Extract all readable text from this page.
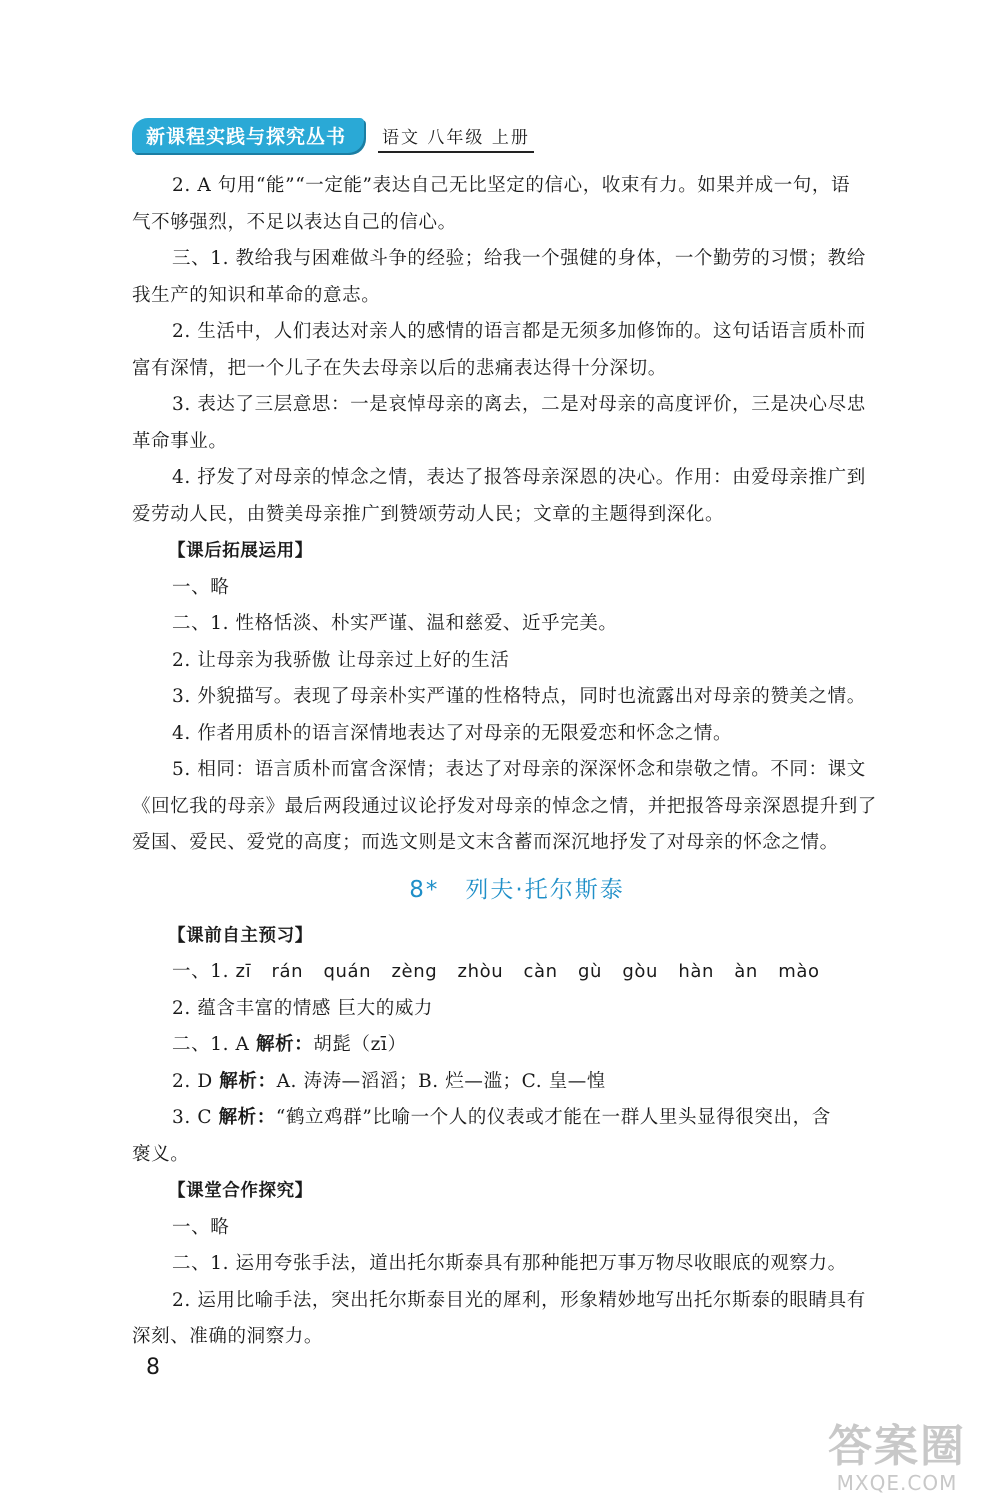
新课程实践与探究丛书	语文 八年级 上册
2. A 句用“能”“一定能”表达自己无比坚定的信心，收束有力。如果并成一句，语
气不够强烈，不足以表达自己的信心。
三、1. 教给我与困难做斗争的经验；给我一个强健的身体，一个勤劳的习惯；教给
我生产的知识和革命的意志。
2. 生活中，人们表达对亲人的感情的语言都是无须多加修饰的。这句话语言质朴而
富有深情，把一个儿子在失去母亲以后的悲痛表达得十分深切。
3. 表达了三层意思：一是哀悼母亲的离去，二是对母亲的高度评价，三是决心尽忠
革命事业。
4. 抒发了对母亲的悼念之情，表达了报答母亲深恩的决心。作用：由爱母亲推广到
爱劳动人民，由赞美母亲推广到赞颂劳动人民；文章的主题得到深化。
【课后拓展运用】
一、略
二、1. 性格恬淡、朴实严谨、温和慈爱、近乎完美。
2. 让母亲为我骄傲 让母亲过上好的生活
3. 外貌描写。表现了母亲朴实严谨的性格特点，同时也流露出对母亲的赞美之情。
4. 作者用质朴的语言深情地表达了对母亲的无限爱恋和怀念之情。
5. 相同：语言质朴而富含深情；表达了对母亲的深深怀念和崇敬之情。不同：课文
《回忆我的母亲》最后两段通过议论抒发对母亲的悼念之情，并把报答母亲深恩提升到了
爱国、爱民、爱党的高度；而选文则是文末含蓄而深沉地抒发了对母亲的怀念之情。
8* 列夫·托尔斯泰
【课前自主预习】
一、1. zī rán quán zèng zhòu càn gù gòu hàn àn mào
2. 蕴含丰富的情感 巨大的威力
二、1. A 解析：胡髭（zī）
2. D 解析：A. 涛涛—滔滔；B. 烂—滥；C. 皇—惶
3. C 解析：“鹤立鸡群”比喻一个人的仪表或才能在一群人里头显得很突出，含
褒义。
【课堂合作探究】
一、略
二、1. 运用夸张手法，道出托尔斯泰具有那种能把万事万物尽收眼底的观察力。
2. 运用比喻手法，突出托尔斯泰目光的犀利，形象精妙地写出托尔斯泰的眼睛具有
深刻、准确的洞察力。
8
答案圈
MXQE.COM
